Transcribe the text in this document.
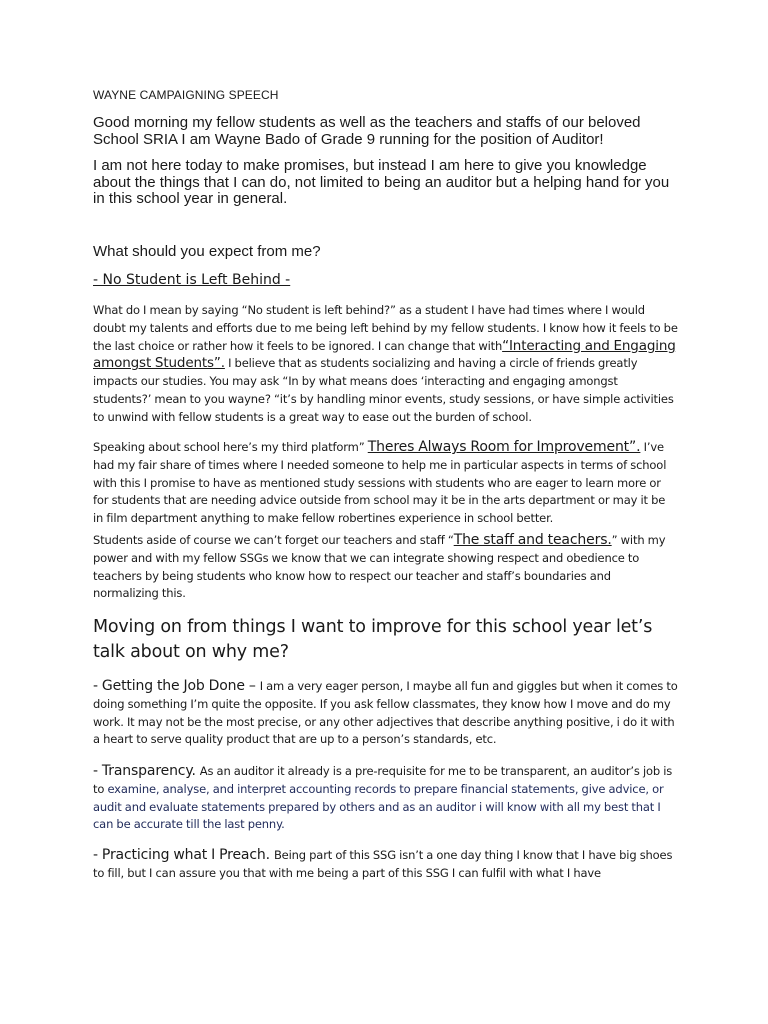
WAYNE CAMPAIGNING SPEECH

Good morning my fellow students as well as the teachers and staffs of our beloved School SRIA I am Wayne Bado of Grade 9 running for the position of Auditor!

I am not here today to make promises, but instead I am here to give you knowledge about the things that I can do, not limited to being an auditor but a helping hand for you in this school year in general.

What should you expect from me?

- No Student is Left Behind -

What do I mean by saying “No student is left behind?” as a student I have had times where I would doubt my talents and efforts due to me being left behind by my fellow students. I know how it feels to be the last choice or rather how it feels to be ignored. I can change that with“Interacting and Engaging amongst Students”. I believe that as students socializing and having a circle of friends greatly impacts our studies. You may ask “In by what means does ‘interacting and engaging amongst students?’ mean to you wayne? “it’s by handling minor events, study sessions, or have simple activities to unwind with fellow students is a great way to ease out the burden of school.

Speaking about school here’s my third platform” Theres Always Room for Improvement”. I’ve had my fair share of times where I needed someone to help me in particular aspects in terms of school with this I promise to have as mentioned study sessions with students who are eager to learn more or for students that are needing advice outside from school may it be in the arts department or may it be in film department anything to make fellow robertines experience in school better.

Students aside of course we can’t forget our teachers and staff “The staff and teachers.” with my power and with my fellow SSGs we know that we can integrate showing respect and obedience to teachers by being students who know how to respect our teacher and staff’s boundaries and normalizing this.

Moving on from things I want to improve for this school year let’s talk about on why me?

- Getting the Job Done – I am a very eager person, I maybe all fun and giggles but when it comes to doing something I’m quite the opposite. If you ask fellow classmates, they know how I move and do my work. It may not be the most precise, or any other adjectives that describe anything positive, i do it with a heart to serve quality product that are up to a person’s standards, etc.

- Transparency. As an auditor it already is a pre-requisite for me to be transparent, an auditor’s job is to examine, analyse, and interpret accounting records to prepare financial statements, give advice, or audit and evaluate statements prepared by others and as an auditor i will know with all my best that I can be accurate till the last penny.

- Practicing what I Preach. Being part of this SSG isn’t a one day thing I know that I have big shoes to fill, but I can assure you that with me being a part of this SSG I can fulfil with what I have
